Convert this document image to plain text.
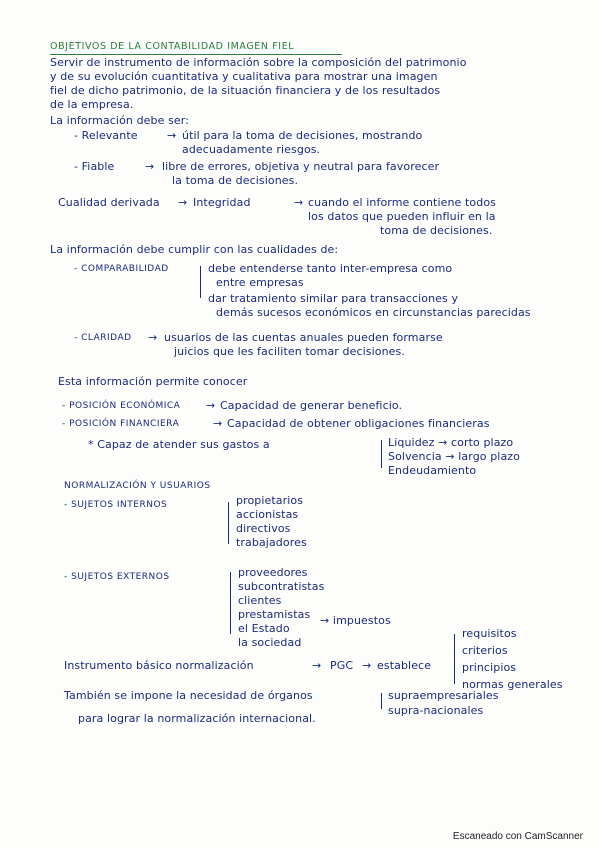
OBJETIVOS DE LA CONTABILIDAD IMAGEN FIEL
Servir de instrumento de información sobre la composición del patrimonio
y de su evolución cuantitativa y cualitativa para mostrar una imagen
fiel de dicho patrimonio, de la situación financiera y de los resultados
de la empresa.
La información debe ser:
- Relevante	→ útil para la toma de decisiones, mostrando
adecuadamente riesgos.
- Fiable	→ libre de errores, objetiva y neutral para favorecer
la toma de decisiones.
Cualidad derivada → Integridad	→ cuando el informe contiene todos
los datos que pueden influir en la
toma de decisiones.
La información debe cumplir con las cualidades de:
- COMPARABILIDAD	debe entenderse tanto inter-empresa como
entre empresas
dar tratamiento similar para transacciones y
demás sucesos económicos en circunstancias parecidas
- CLARIDAD → usuarios de las cuentas anuales pueden formarse
juicios que les faciliten tomar decisiones.
Esta información permite conocer
- POSICIÓN ECONÓMICA → Capacidad de generar beneficio.
- POSICIÓN FINANCIERA	→ Capacidad de obtener obligaciones financieras
* Capaz de atender sus gastos a	Liquidez → corto plazo
Solvencia → largo plazo
Endeudamiento
NORMALIZACIÓN Y USUARIOS
- SUJETOS INTERNOS	propietarios
accionistas
directivos
trabajadores
- SUJETOS EXTERNOS	proveedores
subcontratistas
clientes
prestamistas
el Estado
→ impuestos
la sociedad
Instrumento básico normalización	→ PGC → establece
requisitos
criterios
principios
normas generales
También se impone la necesidad de órganos	supraempresariales
supra-nacionales
para lograr la normalización internacional.
Escaneado con CamScanner
